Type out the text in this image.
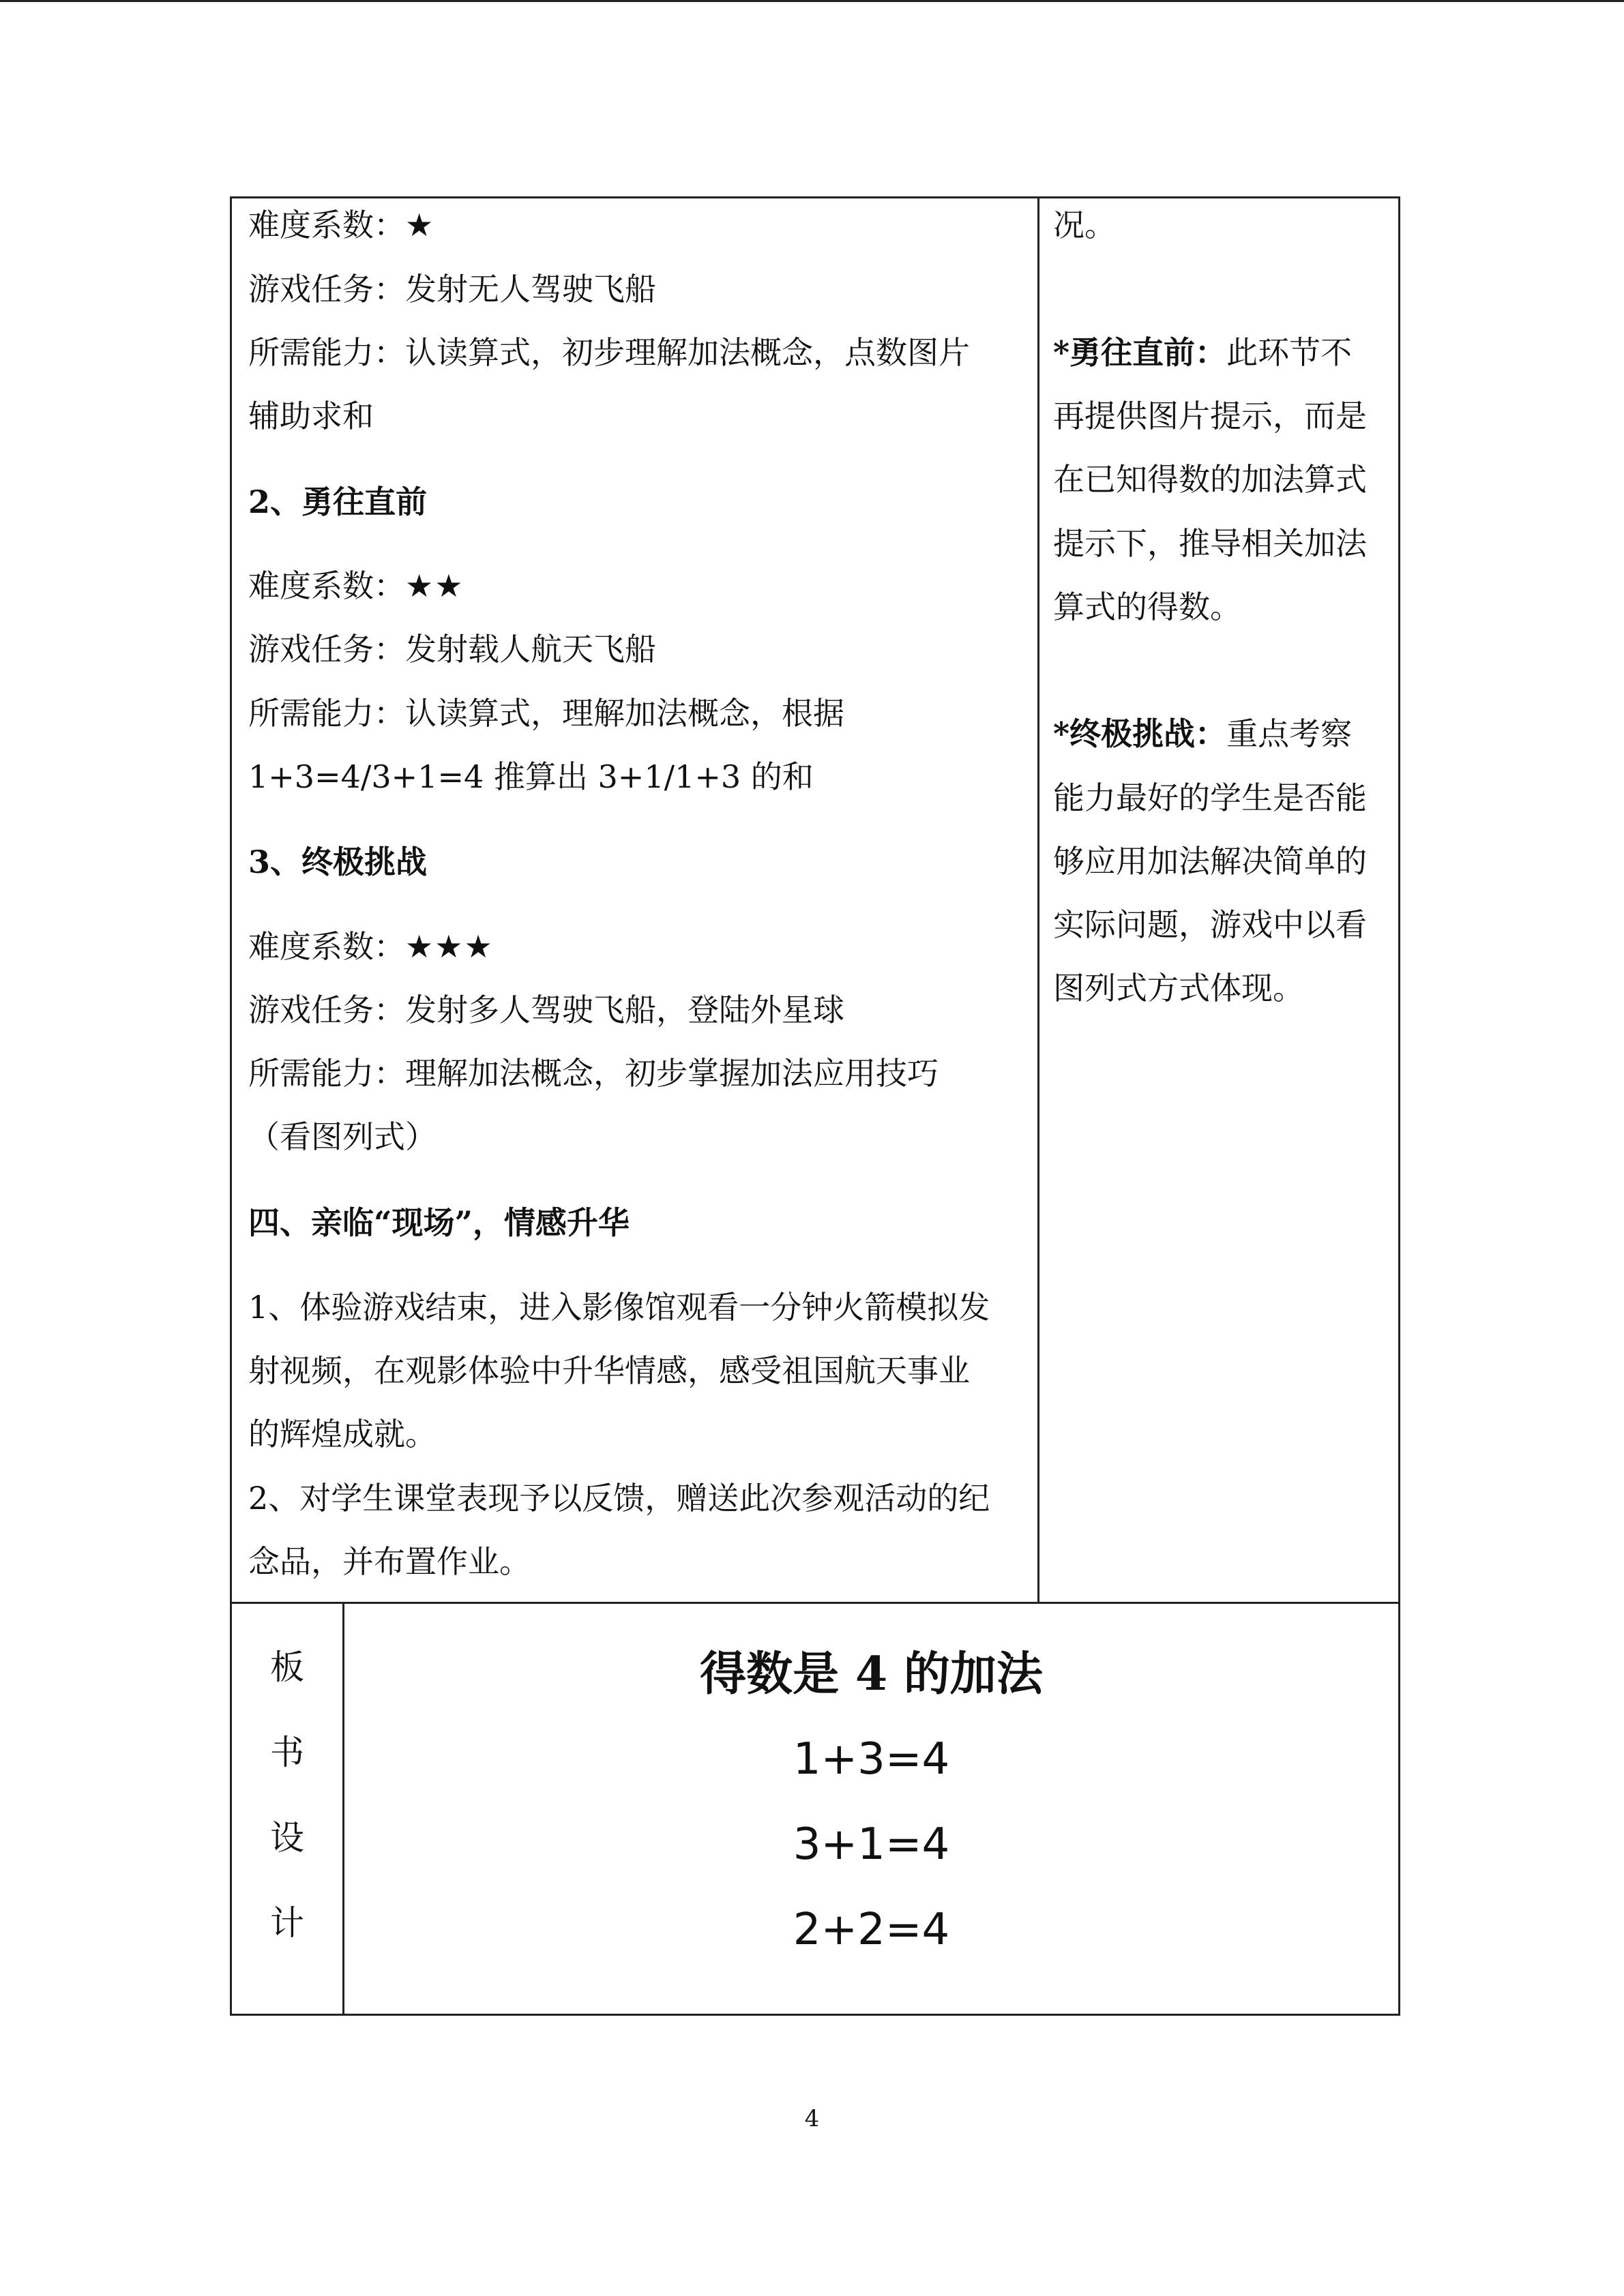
难度系数：★
游戏任务：发射无人驾驶飞船
所需能力：认读算式，初步理解加法概念，点数图片
辅助求和
2、勇往直前
难度系数：★★
游戏任务：发射载人航天飞船
所需能力：认读算式，理解加法概念，根据
1+3=4/3+1=4 推算出 3+1/1+3 的和
3、终极挑战
难度系数：★★★
游戏任务：发射多人驾驶飞船，登陆外星球
所需能力：理解加法概念，初步掌握加法应用技巧
（看图列式）
四、亲临“现场”，情感升华
1、体验游戏结束，进入影像馆观看一分钟火箭模拟发
射视频，在观影体验中升华情感，感受祖国航天事业
的辉煌成就。
2、对学生课堂表现予以反馈，赠送此次参观活动的纪
念品，并布置作业。
况。
*勇往直前：此环节不
再提供图片提示，而是
在已知得数的加法算式
提示下，推导相关加法
算式的得数。
*终极挑战：重点考察
能力最好的学生是否能
够应用加法解决简单的
实际问题，游戏中以看
图列式方式体现。
板
书
设
计
得数是 4 的加法
1+3=4
3+1=4
2+2=4
4
